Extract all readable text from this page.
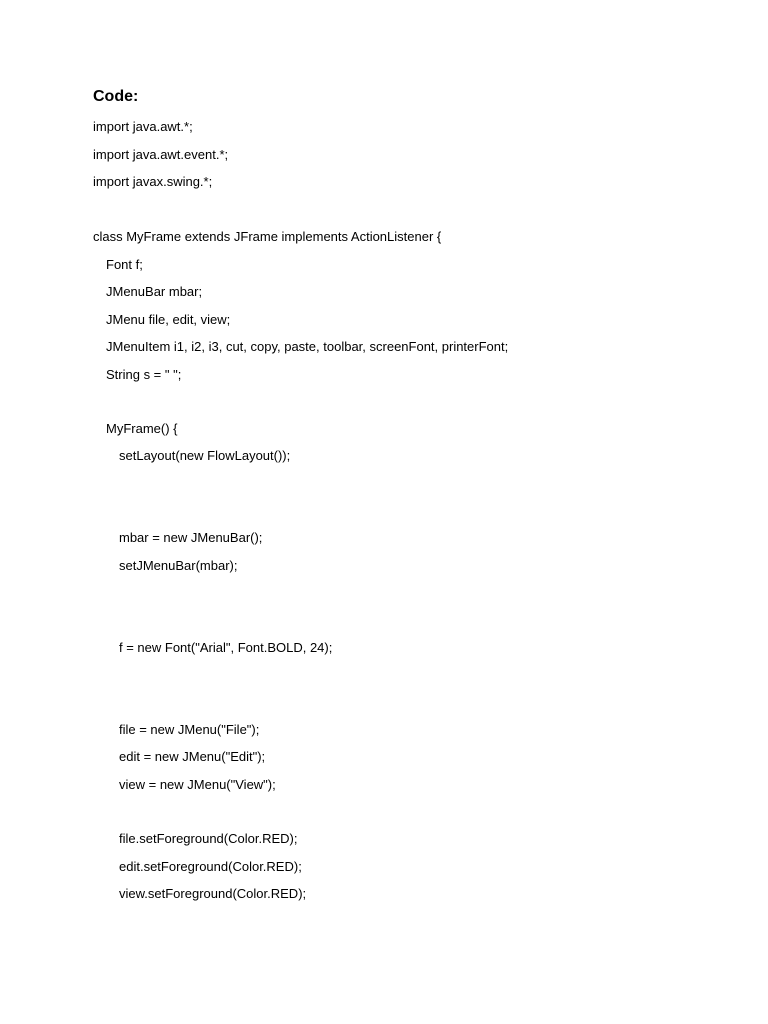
Code:
import java.awt.*;
import java.awt.event.*;
import javax.swing.*;
class MyFrame extends JFrame implements ActionListener {
Font f;
JMenuBar mbar;
JMenu file, edit, view;
JMenuItem i1, i2, i3, cut, copy, paste, toolbar, screenFont, printerFont;
String s = " ";
MyFrame() {
setLayout(new FlowLayout());
mbar = new JMenuBar();
setJMenuBar(mbar);
f = new Font("Arial", Font.BOLD, 24);
file = new JMenu("File");
edit = new JMenu("Edit");
view = new JMenu("View");
file.setForeground(Color.RED);
edit.setForeground(Color.RED);
view.setForeground(Color.RED);
